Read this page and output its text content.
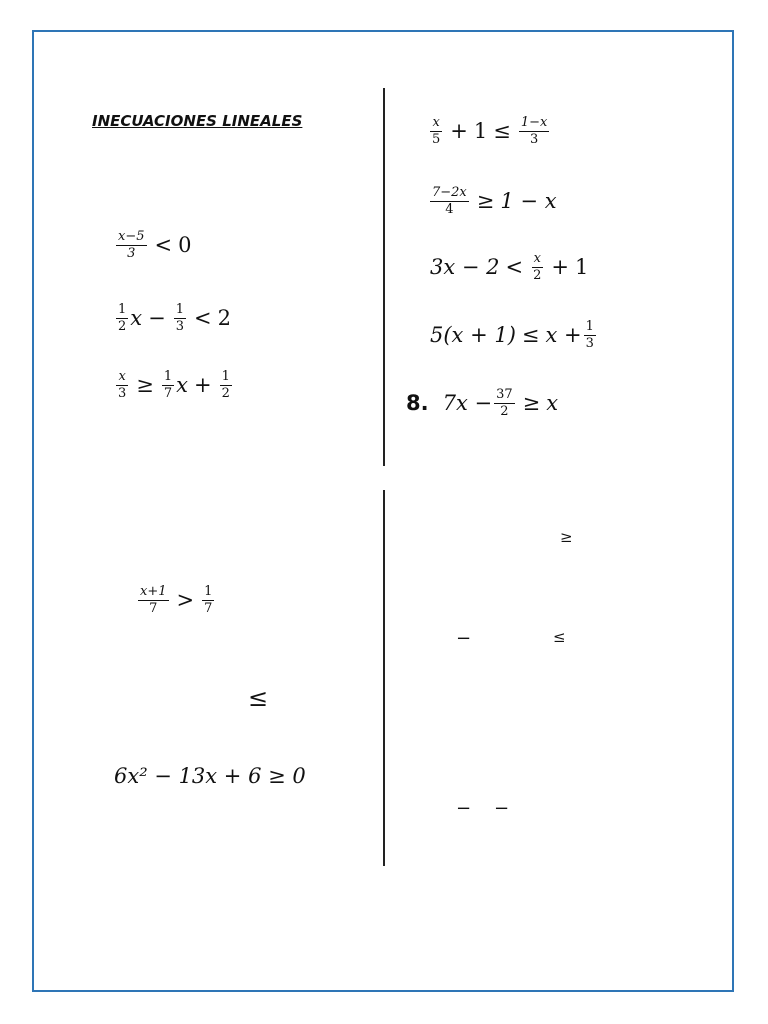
INECUACIONES LINEALES
$\frac{x-5}{3} < 0$
$\frac{1}{2}$ $x - \frac{1}{3} < 2$
$\frac{x}{3} \ge \frac{1}{7}$ $x + \frac{1}{2}$
$\frac{x}{5} + 1 \le \frac{1-x}{3}$
$\frac{7-2x}{4} \ge 1 - x$
$3x - 2 < \frac{x}{2} + 1$
$5(x + 1) \le x + \frac{1}{3}$
8. $7x - \frac{37}{2} \ge x$
$\frac{x+1}{7} > \frac{1}{7}$
≤
6x² − 13x + 6 ≥ 0
≥
−	≤
− −
